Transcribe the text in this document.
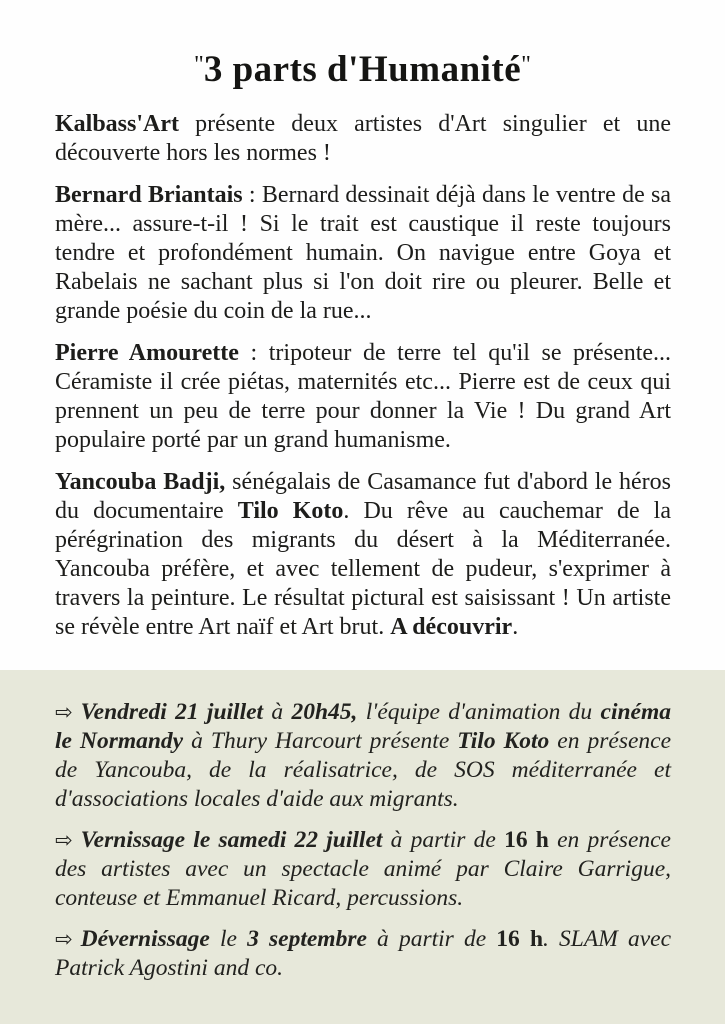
"3 parts d'Humanité"

Kalbass'Art présente deux artistes d'Art singulier et une découverte hors les normes !

Bernard Briantais : Bernard dessinait déjà dans le ventre de sa mère... assure-t-il ! Si le trait est caustique il reste toujours tendre et profondément humain. On navigue entre Goya et Rabelais ne sachant plus si l'on doit rire ou pleurer. Belle et grande poésie du coin de la rue...

Pierre Amourette : tripoteur de terre tel qu'il se présente... Céramiste il crée piétas, maternités etc... Pierre est de ceux qui prennent un peu de terre pour donner la Vie ! Du grand Art populaire porté par un grand humanisme.

Yancouba Badji, sénégalais de Casamance fut d'abord le héros du documentaire Tilo Koto. Du rêve au cauchemar de la pérégrination des migrants du désert à la Méditerranée. Yancouba préfère, et avec tellement de pudeur, s'exprimer à travers la peinture. Le résultat pictural est saisissant ! Un artiste se révèle entre Art naïf et Art brut. A découvrir.

⇨ Vendredi 21 juillet à 20h45, l'équipe d'animation du cinéma le Normandy à Thury Harcourt présente Tilo Koto en présence de Yancouba, de la réalisatrice, de SOS méditerranée et d'associations locales d'aide aux migrants.

⇨ Vernissage le samedi 22 juillet à partir de 16 h en présence des artistes avec un spectacle animé par Claire Garrigue, conteuse et Emmanuel Ricard, percussions.

⇨ Dévernissage le 3 septembre à partir de 16 h. SLAM avec Patrick Agostini and co.
